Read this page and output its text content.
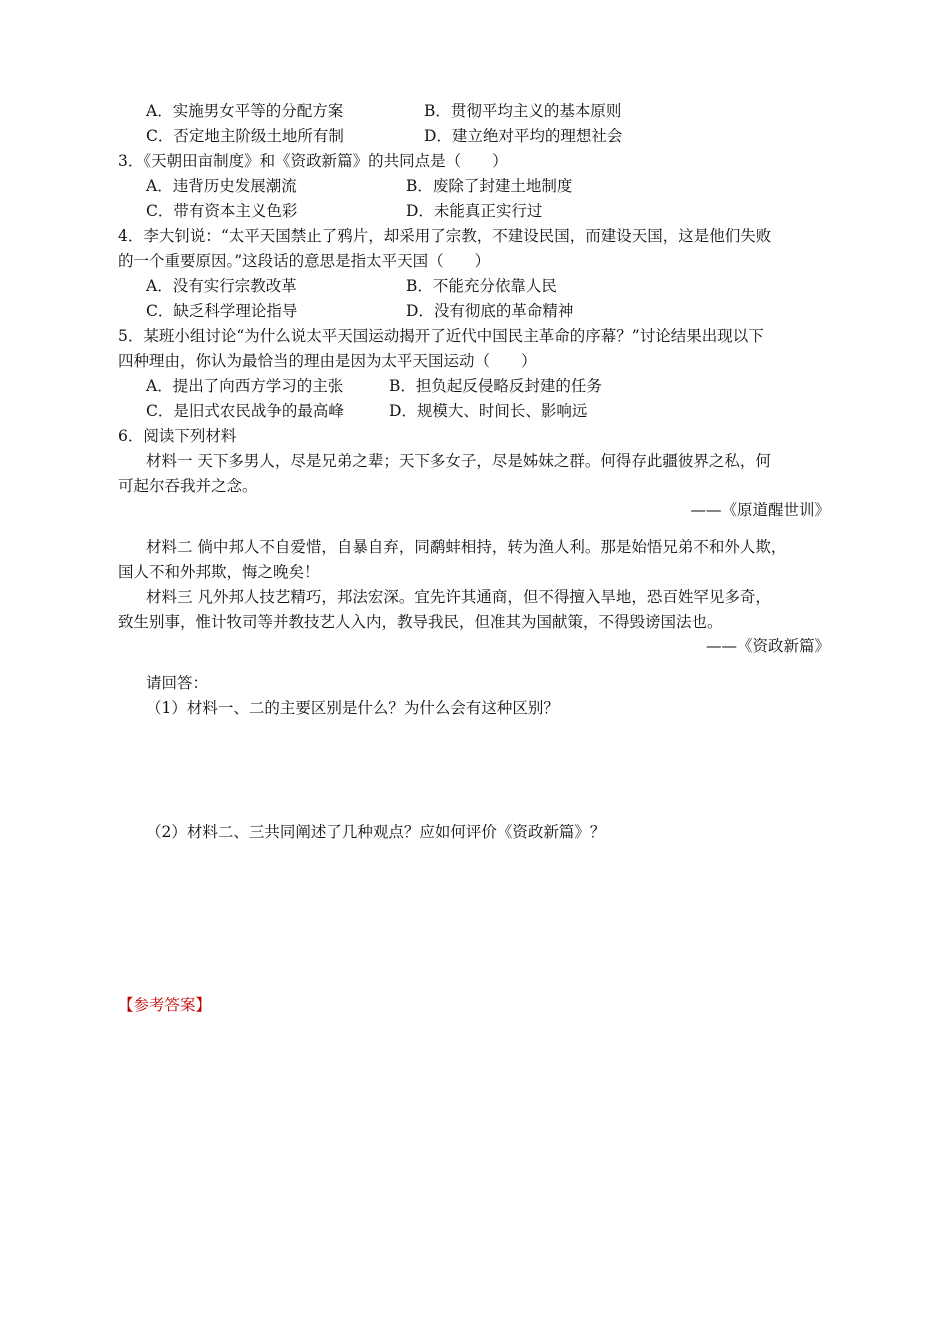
A．实施男女平等的分配方案	B．贯彻平均主义的基本原则
C．否定地主阶级土地所有制	D．建立绝对平均的理想社会
3．《天朝田亩制度》和《资政新篇》的共同点是（　　）
A．违背历史发展潮流	B．废除了封建土地制度
C．带有资本主义色彩	D．未能真正实行过
4．李大钊说：“太平天国禁止了鸦片，却采用了宗教，不建设民国，而建设天国，这是他们失败
的一个重要原因。”这段话的意思是指太平天国（　　）
A．没有实行宗教改革	B．不能充分依靠人民
C．缺乏科学理论指导	D．没有彻底的革命精神
5．某班小组讨论“为什么说太平天国运动揭开了近代中国民主革命的序幕？”讨论结果出现以下
四种理由，你认为最恰当的理由是因为太平天国运动（　　）
A．提出了向西方学习的主张	B．担负起反侵略反封建的任务
C．是旧式农民战争的最高峰	D．规模大、时间长、影响远
6．阅读下列材料
材料一 天下多男人，尽是兄弟之辈；天下多女子，尽是姊妹之群。何得存此疆彼界之私，何
可起尔吞我并之念。
——《原道醒世训》
材料二 倘中邦人不自爱惜，自暴自弃，同鹬蚌相持，转为渔人利。那是始悟兄弟不和外人欺，
国人不和外邦欺，悔之晚矣！
材料三 凡外邦人技艺精巧，邦法宏深。宜先许其通商，但不得擅入旱地，恐百姓罕见多奇，
致生别事，惟计牧司等并教技艺人入内，教导我民，但准其为国献策，不得毁谤国法也。
——《资政新篇》
请回答：
（1）材料一、二的主要区别是什么？为什么会有这种区别？
（2）材料二、三共同阐述了几种观点？应如何评价《资政新篇》？
【参考答案】
